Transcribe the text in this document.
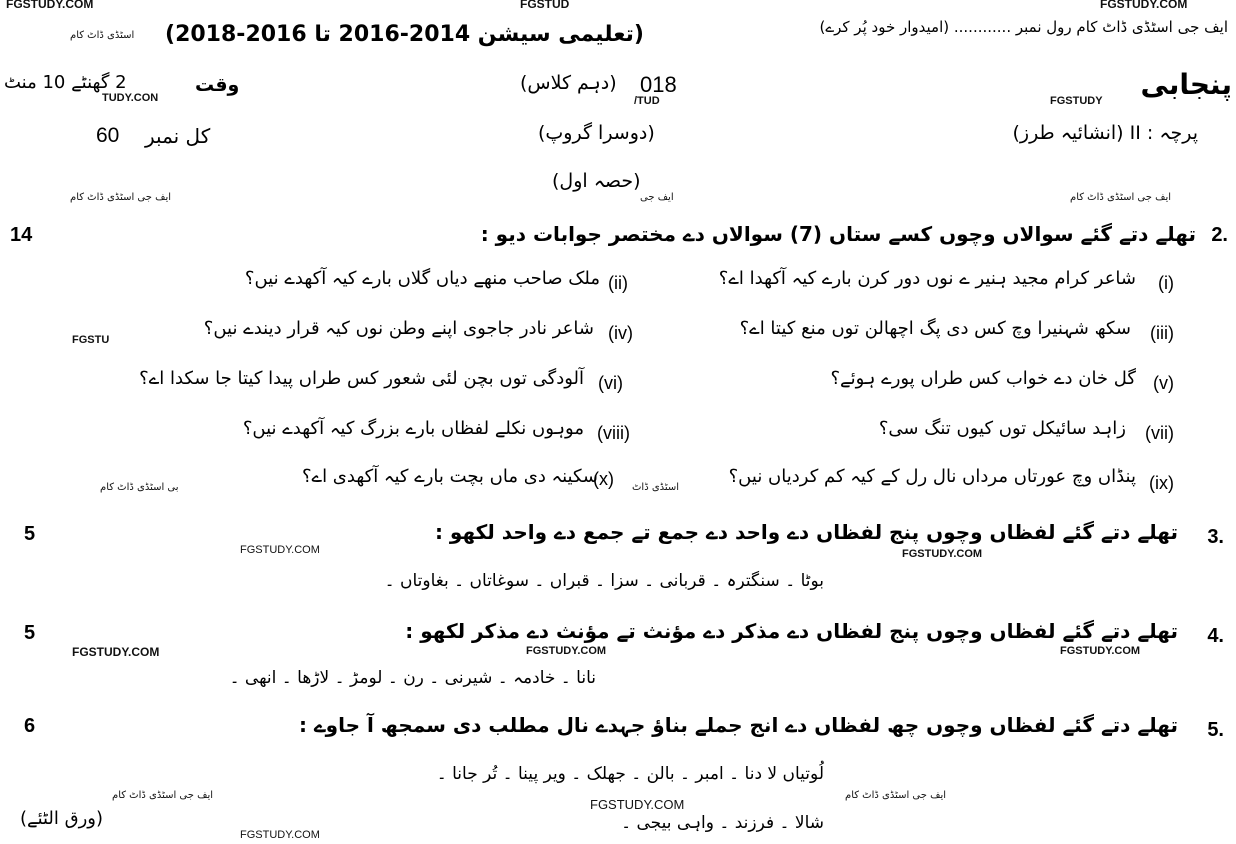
FGSTUDY.COM	FGSTUD	FGSTUDY.COM
اسٹڈی ڈاٹ کام
FGSTUDY
/TUD
TUDY.CON
ایف جی اسٹڈی ڈاٹ کام	ایف جی اسٹڈی ڈاٹ کام
ایف جی
FGSTU
بی اسٹڈی ڈاٹ کام	اسٹڈی ڈاٹ
FGSTUDY.COM	FGSTUDY.COM
FGSTUDY.COM	FGSTUDY.COM	FGSTUDY.COM
ایف جی اسٹڈی ڈاٹ کام	ایف جی اسٹڈی ڈاٹ کام
FGSTUDY.COM
FGSTUDY.COM
ایف جی اسٹڈی ڈاٹ کام رول نمبر ............ (امیدوار خود پُر کرے)
(تعلیمی سیشن 2014-2016 تا 2016-2018)
پنجابی
(دہم کلاس) 018
وقت
2 گھنٹے 10 منٹ
پرچہ : II (انشائیہ طرز)
(دوسرا گروپ)
کل نمبر
60
(حصہ اول)
14	2.
تھلے دتے گئے سوالاں وچوں کسے ستاں (7) سوالاں دے مختصر جوابات دیو :
(i)
شاعر کرام مجید ہنیر ے نوں دور کرن بارے کیہ آکھدا اے؟
(ii)
ملک صاحب منھے دیاں گلاں بارے کیہ آکھدے نیں؟
(iii)
سکھ شہنیرا وچ کس دی پگ اچھالن توں منع کیتا اے؟
(iv)
شاعر نادر جاجوی اپنے وطن نوں کیہ قرار دیندے نیں؟
(v)
گل خان دے خواب کس طراں پورے ہوئے؟
(vi)
آلودگی توں بچن لئی شعور کس طراں پیدا کیتا جا سکدا اے؟
(vii)
زاہد سائیکل توں کیوں تنگ سی؟
(viii)
موہوں نکلے لفظاں بارے بزرگ کیہ آکھدے نیں؟
(ix)
پنڈاں وچ عورتاں مرداں نال رل کے کیہ کم کردیاں نیں؟
(x)
سکینہ دی ماں بچت بارے کیہ آکھدی اے؟
5	3.
تھلے دتے گئے لفظاں وچوں پنج لفظاں دے واحد دے جمع تے جمع دے واحد لکھو :
بوٹا ۔ سنگترہ ۔ قربانی ۔ سزا ۔ قبراں ۔ سوغاتاں ۔ بغاوتاں ۔
5	4.
تھلے دتے گئے لفظاں وچوں پنج لفظاں دے مذکر دے مؤنث تے مؤنث دے مذکر لکھو :
نانا ۔ خادمہ ۔ شیرنی ۔ رن ۔ لومڑ ۔ لاڑھا ۔ انھی ۔
6	5.
تھلے دتے گئے لفظاں وچوں چھ لفظاں دے انج جملے بناؤ جہدے نال مطلب دی سمجھ آ جاوے :
لُوتیاں لا دنا ۔ امبر ۔ بالن ۔ جھلک ۔ ویر پینا ۔ تُر جانا ۔
شالا ۔ فرزند ۔ واہی بیجی ۔
(ورق الٹئے)
